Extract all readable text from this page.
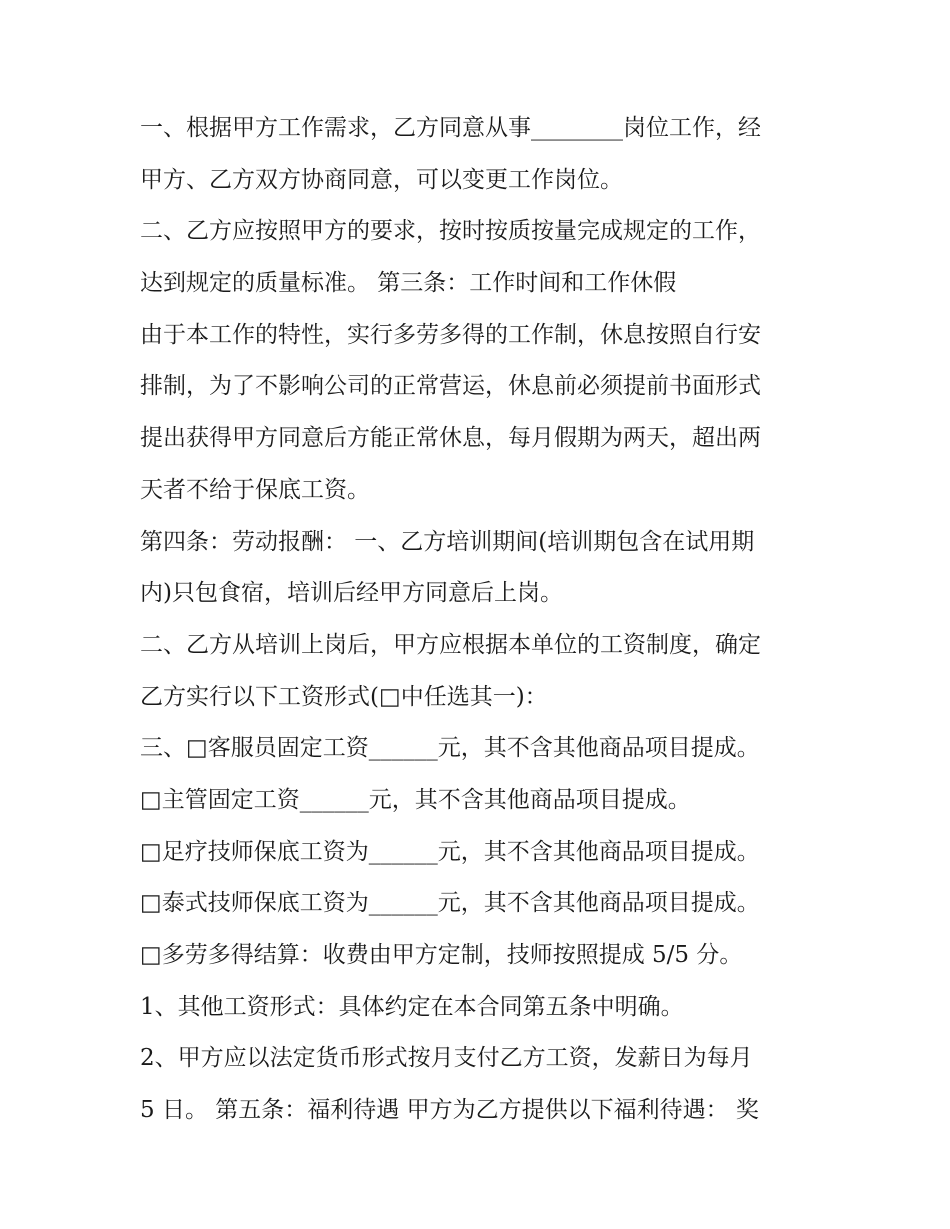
一、根据甲方工作需求，乙方同意从事________岗位工作，经
甲方、乙方双方协商同意，可以变更工作岗位。
二、乙方应按照甲方的要求，按时按质按量完成规定的工作，
达到规定的质量标准。 第三条：工作时间和工作休假
由于本工作的特性，实行多劳多得的工作制，休息按照自行安
排制，为了不影响公司的正常营运，休息前必须提前书面形式
提出获得甲方同意后方能正常休息，每月假期为两天，超出两
天者不给于保底工资。
第四条：劳动报酬： 一、乙方培训期间(培训期包含在试用期
内)只包食宿，培训后经甲方同意后上岗。
二、乙方从培训上岗后，甲方应根据本单位的工资制度，确定
乙方实行以下工资形式(□中任选其一)：
三、□客服员固定工资______元，其不含其他商品项目提成。
□主管固定工资______元，其不含其他商品项目提成。
□足疗技师保底工资为______元，其不含其他商品项目提成。
□泰式技师保底工资为______元，其不含其他商品项目提成。
□多劳多得结算：收费由甲方定制，技师按照提成 5/5 分。
1、其他工资形式：具体约定在本合同第五条中明确。
2、甲方应以法定货币形式按月支付乙方工资，发薪日为每月
5 日。 第五条：福利待遇 甲方为乙方提供以下福利待遇： 奖
